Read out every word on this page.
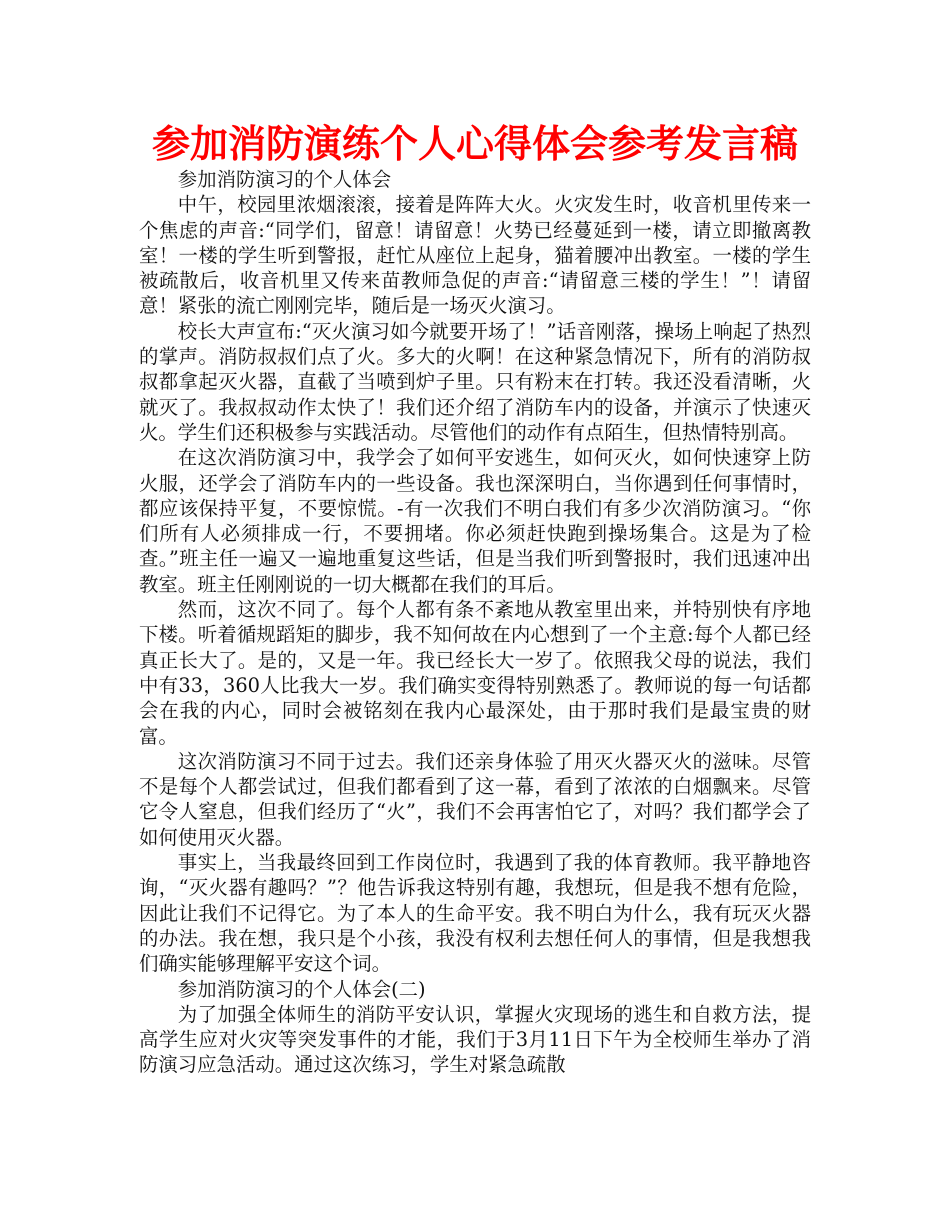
参加消防演练个人心得体会参考发言稿

参加消防演习的个人体会

中午，校园里浓烟滚滚，接着是阵阵大火。火灾发生时，收音机里传来一个焦虑的声音:“同学们，留意！请留意！火势已经蔓延到一楼，请立即撤离教室！一楼的学生听到警报，赶忙从座位上起身，猫着腰冲出教室。一楼的学生被疏散后，收音机里又传来苗教师急促的声音:“请留意三楼的学生！”！请留意！紧张的流亡刚刚完毕，随后是一场灭火演习。

校长大声宣布:“灭火演习如今就要开场了！”话音刚落，操场上响起了热烈的掌声。消防叔叔们点了火。多大的火啊！在这种紧急情况下，所有的消防叔叔都拿起灭火器，直截了当喷到炉子里。只有粉末在打转。我还没看清晰，火就灭了。我叔叔动作太快了！我们还介绍了消防车内的设备，并演示了快速灭火。学生们还积极参与实践活动。尽管他们的动作有点陌生，但热情特别高。

在这次消防演习中，我学会了如何平安逃生，如何灭火，如何快速穿上防火服，还学会了消防车内的一些设备。我也深深明白，当你遇到任何事情时，都应该保持平复，不要惊慌。-有一次我们不明白我们有多少次消防演习。“你们所有人必须排成一行，不要拥堵。你必须赶快跑到操场集合。这是为了检查。”班主任一遍又一遍地重复这些话，但是当我们听到警报时，我们迅速冲出教室。班主任刚刚说的一切大概都在我们的耳后。

然而，这次不同了。每个人都有条不紊地从教室里出来，并特别快有序地下楼。听着循规蹈矩的脚步，我不知何故在内心想到了一个主意:每个人都已经真正长大了。是的，又是一年。我已经长大一岁了。依照我父母的说法，我们中有33，360人比我大一岁。我们确实变得特别熟悉了。教师说的每一句话都会在我的内心，同时会被铭刻在我内心最深处，由于那时我们是最宝贵的财富。

这次消防演习不同于过去。我们还亲身体验了用灭火器灭火的滋味。尽管不是每个人都尝试过，但我们都看到了这一幕，看到了浓浓的白烟飘来。尽管它令人窒息，但我们经历了“火”，我们不会再害怕它了，对吗？我们都学会了如何使用灭火器。

事实上，当我最终回到工作岗位时，我遇到了我的体育教师。我平静地咨询，“灭火器有趣吗？”？他告诉我这特别有趣，我想玩，但是我不想有危险，因此让我们不记得它。为了本人的生命平安。我不明白为什么，我有玩灭火器的办法。我在想，我只是个小孩，我没有权利去想任何人的事情，但是我想我们确实能够理解平安这个词。

参加消防演习的个人体会(二)

为了加强全体师生的消防平安认识，掌握火灾现场的逃生和自救方法，提高学生应对火灾等突发事件的才能，我们于3月11日下午为全校师生举办了消防演习应急活动。通过这次练习，学生对紧急疏散
